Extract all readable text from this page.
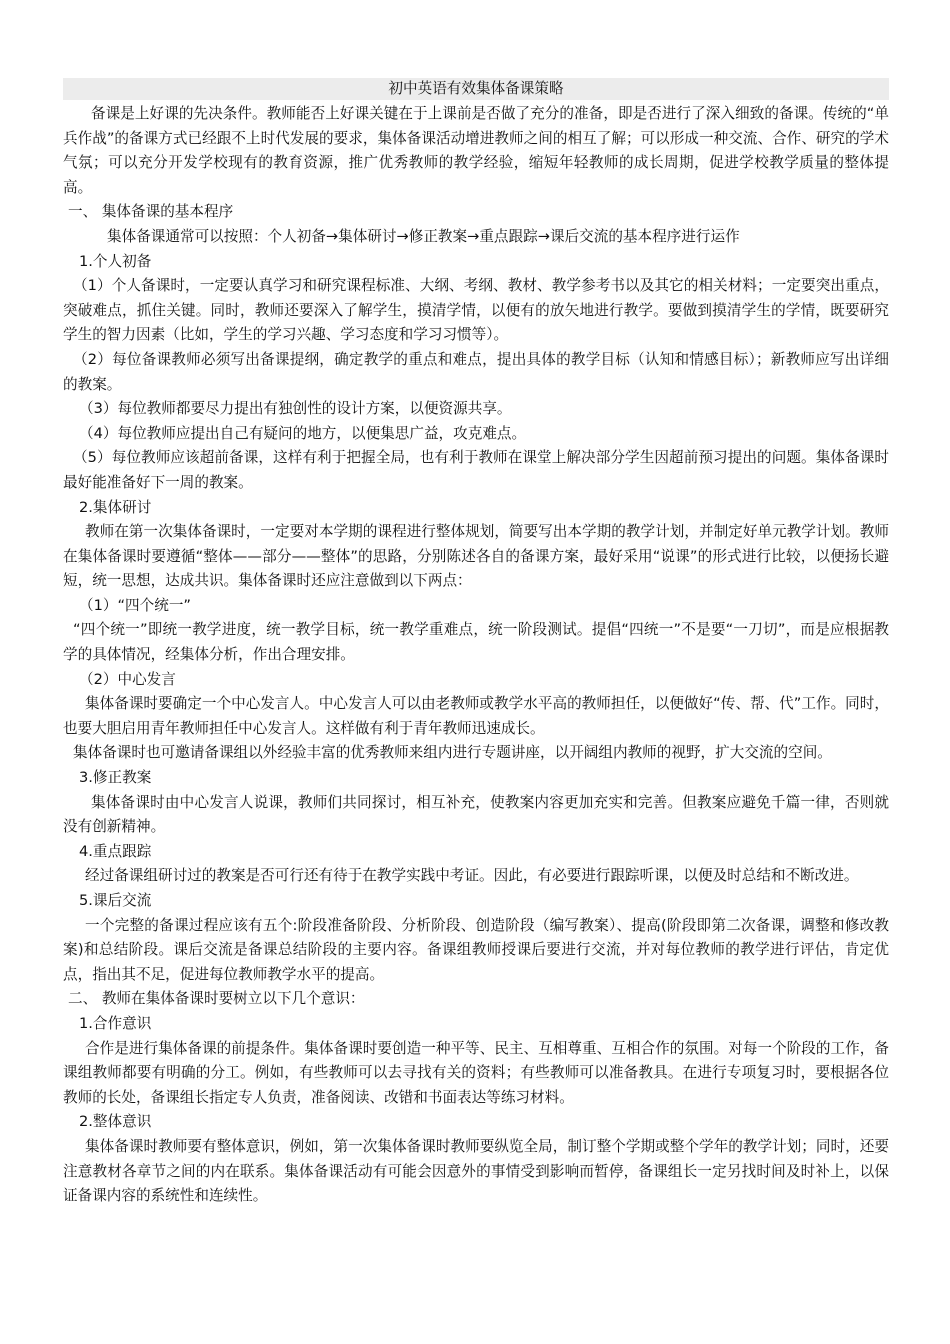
初中英语有效集体备课策略

备课是上好课的先决条件。教师能否上好课关键在于上课前是否做了充分的准备，即是否进行了深入细致的备课。传统的“单兵作战”的备课方式已经跟不上时代发展的要求，集体备课活动增进教师之间的相互了解；可以形成一种交流、合作、研究的学术气氛；可以充分开发学校现有的教育资源，推广优秀教师的教学经验，缩短年轻教师的成长周期，促进学校教学质量的整体提高。

一、 集体备课的基本程序

集体备课通常可以按照：个人初备→集体研讨→修正教案→重点跟踪→课后交流的基本程序进行运作

1.个人初备

（1）个人备课时，一定要认真学习和研究课程标准、大纲、考纲、教材、教学参考书以及其它的相关材料；一定要突出重点，突破难点，抓住关键。同时，教师还要深入了解学生，摸清学情，以便有的放矢地进行教学。要做到摸清学生的学情，既要研究学生的智力因素（比如，学生的学习兴趣、学习态度和学习习惯等）。

（2）每位备课教师必须写出备课提纲，确定教学的重点和难点，提出具体的教学目标（认知和情感目标）；新教师应写出详细的教案。

（3）每位教师都要尽力提出有独创性的设计方案，以便资源共享。

（4）每位教师应提出自己有疑问的地方，以便集思广益，攻克难点。

（5）每位教师应该超前备课，这样有利于把握全局，也有利于教师在课堂上解决部分学生因超前预习提出的问题。集体备课时最好能准备好下一周的教案。

2.集体研讨

教师在第一次集体备课时，一定要对本学期的课程进行整体规划，简要写出本学期的教学计划，并制定好单元教学计划。教师在集体备课时要遵循“整体——部分——整体”的思路，分别陈述各自的备课方案，最好采用“说课”的形式进行比较，以便扬长避短，统一思想，达成共识。集体备课时还应注意做到以下两点：

（1）“四个统一”

“四个统一”即统一教学进度，统一教学目标，统一教学重难点，统一阶段测试。提倡“四统一”不是要“一刀切”，而是应根据教学的具体情况，经集体分析，作出合理安排。

（2）中心发言

集体备课时要确定一个中心发言人。中心发言人可以由老教师或教学水平高的教师担任，以便做好“传、帮、代”工作。同时，也要大胆启用青年教师担任中心发言人。这样做有利于青年教师迅速成长。

集体备课时也可邀请备课组以外经验丰富的优秀教师来组内进行专题讲座，以开阔组内教师的视野，扩大交流的空间。

3.修正教案

集体备课时由中心发言人说课，教师们共同探讨，相互补充，使教案内容更加充实和完善。但教案应避免千篇一律，否则就没有创新精神。

4.重点跟踪

经过备课组研讨过的教案是否可行还有待于在教学实践中考证。因此，有必要进行跟踪听课，以便及时总结和不断改进。

5.课后交流

一个完整的备课过程应该有五个:阶段准备阶段、分析阶段、创造阶段（编写教案）、提高(阶段即第二次备课，调整和修改教案)和总结阶段。课后交流是备课总结阶段的主要内容。备课组教师授课后要进行交流，并对每位教师的教学进行评估，肯定优点，指出其不足，促进每位教师教学水平的提高。

二、 教师在集体备课时要树立以下几个意识：

1.合作意识

合作是进行集体备课的前提条件。集体备课时要创造一种平等、民主、互相尊重、互相合作的氛围。对每一个阶段的工作，备课组教师都要有明确的分工。例如，有些教师可以去寻找有关的资料；有些教师可以准备教具。在进行专项复习时，要根据各位教师的长处，备课组长指定专人负责，准备阅读、改错和书面表达等练习材料。

2.整体意识

集体备课时教师要有整体意识，例如，第一次集体备课时教师要纵览全局，制订整个学期或整个学年的教学计划；同时，还要注意教材各章节之间的内在联系。集体备课活动有可能会因意外的事情受到影响而暂停，备课组长一定另找时间及时补上，以保证备课内容的系统性和连续性。
